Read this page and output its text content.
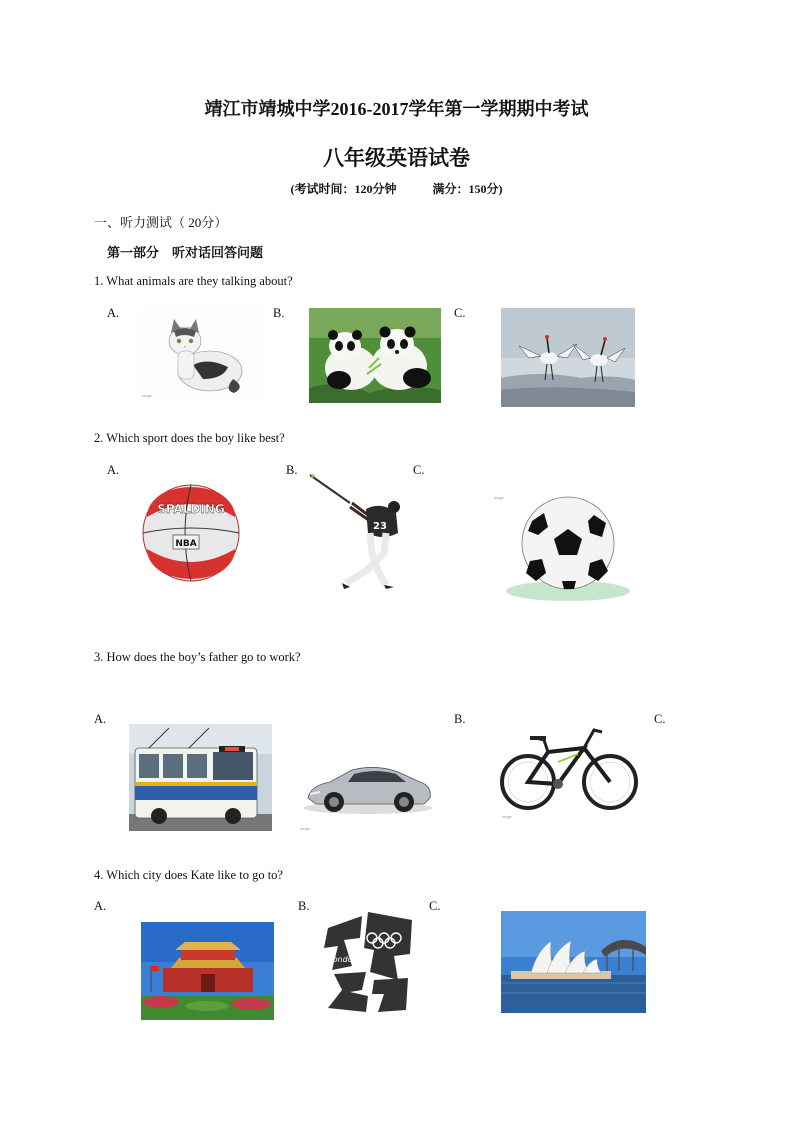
靖江市靖城中学2016-2017学年第一学期期中考试
八年级英语试卷
(考试时间：120分钟　　　满分：150分)
一、听力测试（ 20分）
第一部分　听对话回答问题
1. What animals are they talking about?
A.	B.	C.
image
2. Which sport does the boy like best?
A.	B.	C.
SPALDING
NBA
23
image
3. How does the boy’s father go to work?
A.	B.	C.
image
image
4. Which city does Kate like to go to?
A.	B.	C.
london
